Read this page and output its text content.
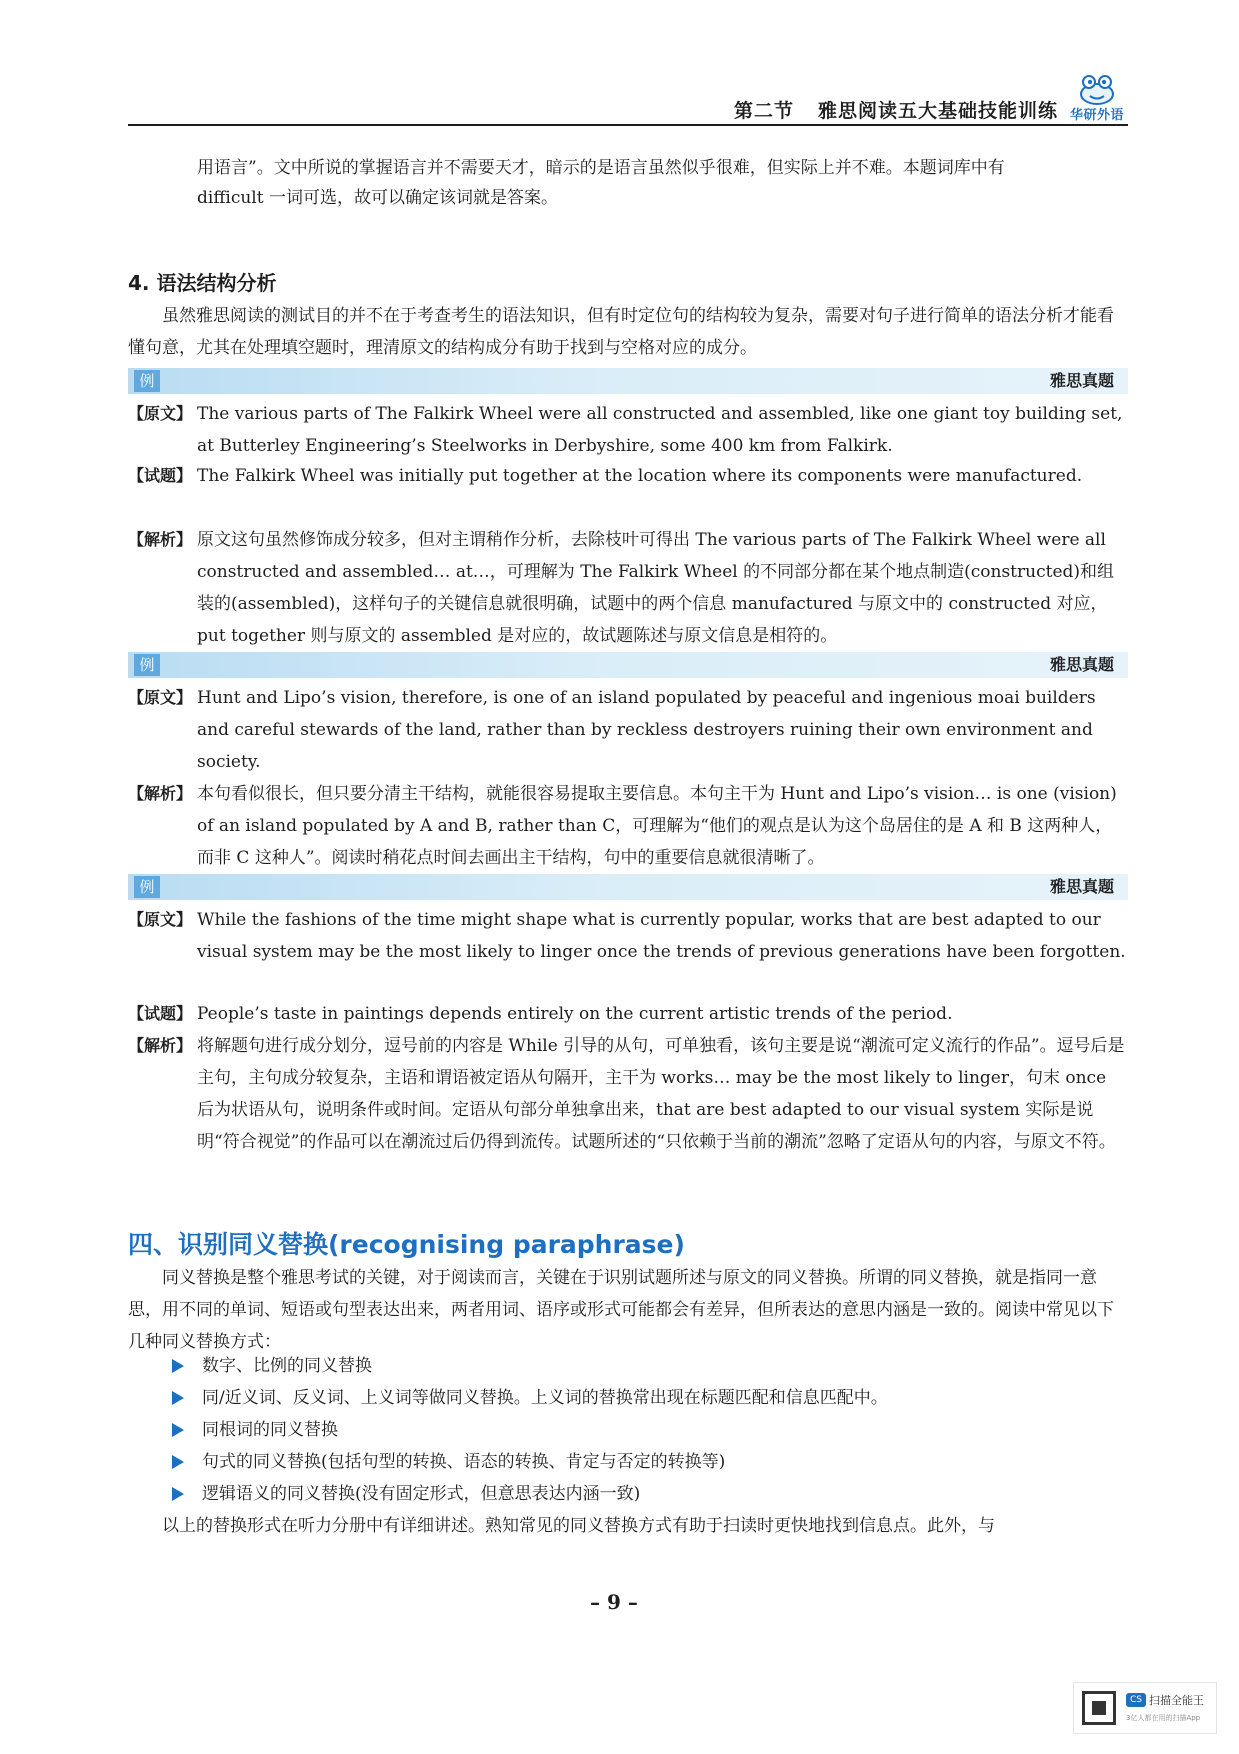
第二节 雅思阅读五大基础技能训练 华研外语
用语言”。文中所说的掌握语言并不需要天才，暗示的是语言虽然似乎很难，但实际上并不难。本题词库中有
difficult 一词可选，故可以确定该词就是答案。
4. 语法结构分析
虽然雅思阅读的测试目的并不在于考查考生的语法知识，但有时定位句的结构较为复杂，需要对句子进行简单的语法分析才能看懂句意，尤其在处理填空题时，理清原文的结构成分有助于找到与空格对应的成分。
例	雅思真题
【原文】 The various parts of The Falkirk Wheel were all constructed and assembled, like one giant toy building set, at Butterley Engineering’s Steelworks in Derbyshire, some 400 km from Falkirk.
【试题】 The Falkirk Wheel was initially put together at the location where its components were manufactured.
【解析】 原文这句虽然修饰成分较多，但对主谓稍作分析，去除枝叶可得出 The various parts of The Falkirk Wheel were all constructed and assembled… at…，可理解为 The Falkirk Wheel 的不同部分都在某个地点制造(constructed)和组装的(assembled)，这样句子的关键信息就很明确，试题中的两个信息 manufactured 与原文中的 constructed 对应，put together 则与原文的 assembled 是对应的，故试题陈述与原文信息是相符的。
例	雅思真题
【原文】 Hunt and Lipo’s vision, therefore, is one of an island populated by peaceful and ingenious moai builders and careful stewards of the land, rather than by reckless destroyers ruining their own environment and society.
【解析】 本句看似很长，但只要分清主干结构，就能很容易提取主要信息。本句主干为 Hunt and Lipo’s vision… is one (vision) of an island populated by A and B, rather than C，可理解为“他们的观点是认为这个岛居住的是 A 和 B 这两种人，而非 C 这种人”。阅读时稍花点时间去画出主干结构，句中的重要信息就很清晰了。
例	雅思真题
【原文】 While the fashions of the time might shape what is currently popular, works that are best adapted to our visual system may be the most likely to linger once the trends of previous generations have been forgotten.
【试题】 People’s taste in paintings depends entirely on the current artistic trends of the period.
【解析】 将解题句进行成分划分，逗号前的内容是 While 引导的从句，可单独看，该句主要是说“潮流可定义流行的作品”。逗号后是主句，主句成分较复杂，主语和谓语被定语从句隔开，主干为 works… may be the most likely to linger，句末 once 后为状语从句，说明条件或时间。定语从句部分单独拿出来，that are best adapted to our visual system 实际是说明“符合视觉”的作品可以在潮流过后仍得到流传。试题所述的“只依赖于当前的潮流”忽略了定语从句的内容，与原文不符。
四、识别同义替换(recognising paraphrase)
同义替换是整个雅思考试的关键，对于阅读而言，关键在于识别试题所述与原文的同义替换。所谓的同义替换，就是指同一意思，用不同的单词、短语或句型表达出来，两者用词、语序或形式可能都会有差异，但所表达的意思内涵是一致的。阅读中常见以下几种同义替换方式：
数字、比例的同义替换
同/近义词、反义词、上义词等做同义替换。上义词的替换常出现在标题匹配和信息匹配中。
同根词的同义替换
句式的同义替换(包括句型的转换、语态的转换、肯定与否定的转换等)
逻辑语义的同义替换(没有固定形式，但意思表达内涵一致)
以上的替换形式在听力分册中有详细讲述。熟知常见的同义替换方式有助于扫读时更快地找到信息点。此外，与
– 9 –
CS 扫描全能王
3亿人都在用的扫描App
